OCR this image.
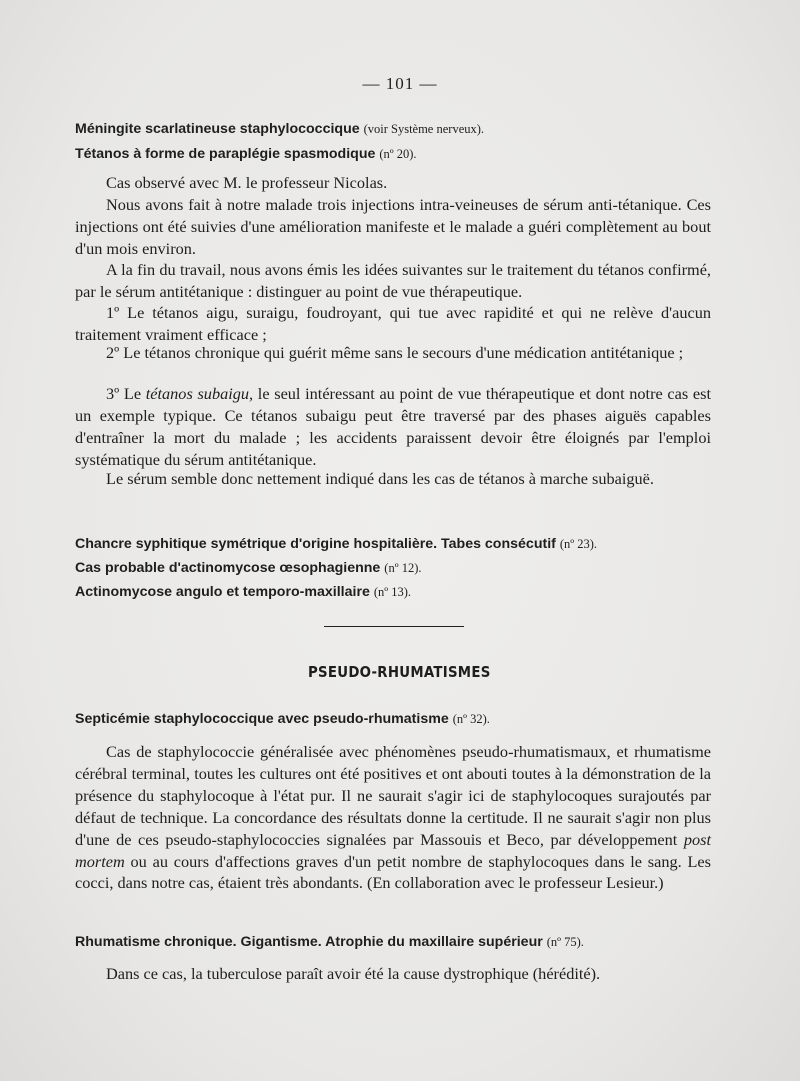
— 101 —
Méningite scarlatineuse staphylococcique (voir Système nerveux).
Tétanos à forme de paraplégie spasmodique (nº 20).
Cas observé avec M. le professeur Nicolas.
Nous avons fait à notre malade trois injections intra-veineuses de sérum anti-tétanique. Ces injections ont été suivies d'une amélioration manifeste et le malade a guéri complètement au bout d'un mois environ.
A la fin du travail, nous avons émis les idées suivantes sur le traitement du tétanos confirmé, par le sérum antitétanique : distinguer au point de vue thérapeutique.
1º Le tétanos aigu, suraigu, foudroyant, qui tue avec rapidité et qui ne relève d'aucun traitement vraiment efficace ;
2º Le tétanos chronique qui guérit même sans le secours d'une médication antitétanique ;
3º Le tétanos subaigu, le seul intéressant au point de vue thérapeutique et dont notre cas est un exemple typique. Ce tétanos subaigu peut être traversé par des phases aiguës capables d'entraîner la mort du malade ; les accidents paraissent devoir être éloignés par l'emploi systématique du sérum antitétanique.
Le sérum semble donc nettement indiqué dans les cas de tétanos à marche subaiguë.
Chancre syphitique symétrique d'origine hospitalière. Tabes consécutif (nº 23).
Cas probable d'actinomycose œsophagienne (nº 12).
Actinomycose angulo et temporo-maxillaire (nº 13).
PSEUDO-RHUMATISMES
Septicémie staphylococcique avec pseudo-rhumatisme (nº 32).
Cas de staphylococcie généralisée avec phénomènes pseudo-rhumatismaux, et rhumatisme cérébral terminal, toutes les cultures ont été positives et ont abouti toutes à la démonstration de la présence du staphylocoque à l'état pur. Il ne saurait s'agir ici de staphylocoques surajoutés par défaut de technique. La concordance des résultats donne la certitude. Il ne saurait s'agir non plus d'une de ces pseudo-staphylococcies signalées par Massouis et Beco, par développement post mortem ou au cours d'affections graves d'un petit nombre de staphylocoques dans le sang. Les cocci, dans notre cas, étaient très abondants. (En collaboration avec le professeur Lesieur.)
Rhumatisme chronique. Gigantisme. Atrophie du maxillaire supérieur (nº 75).
Dans ce cas, la tuberculose paraît avoir été la cause dystrophique (hérédité).
